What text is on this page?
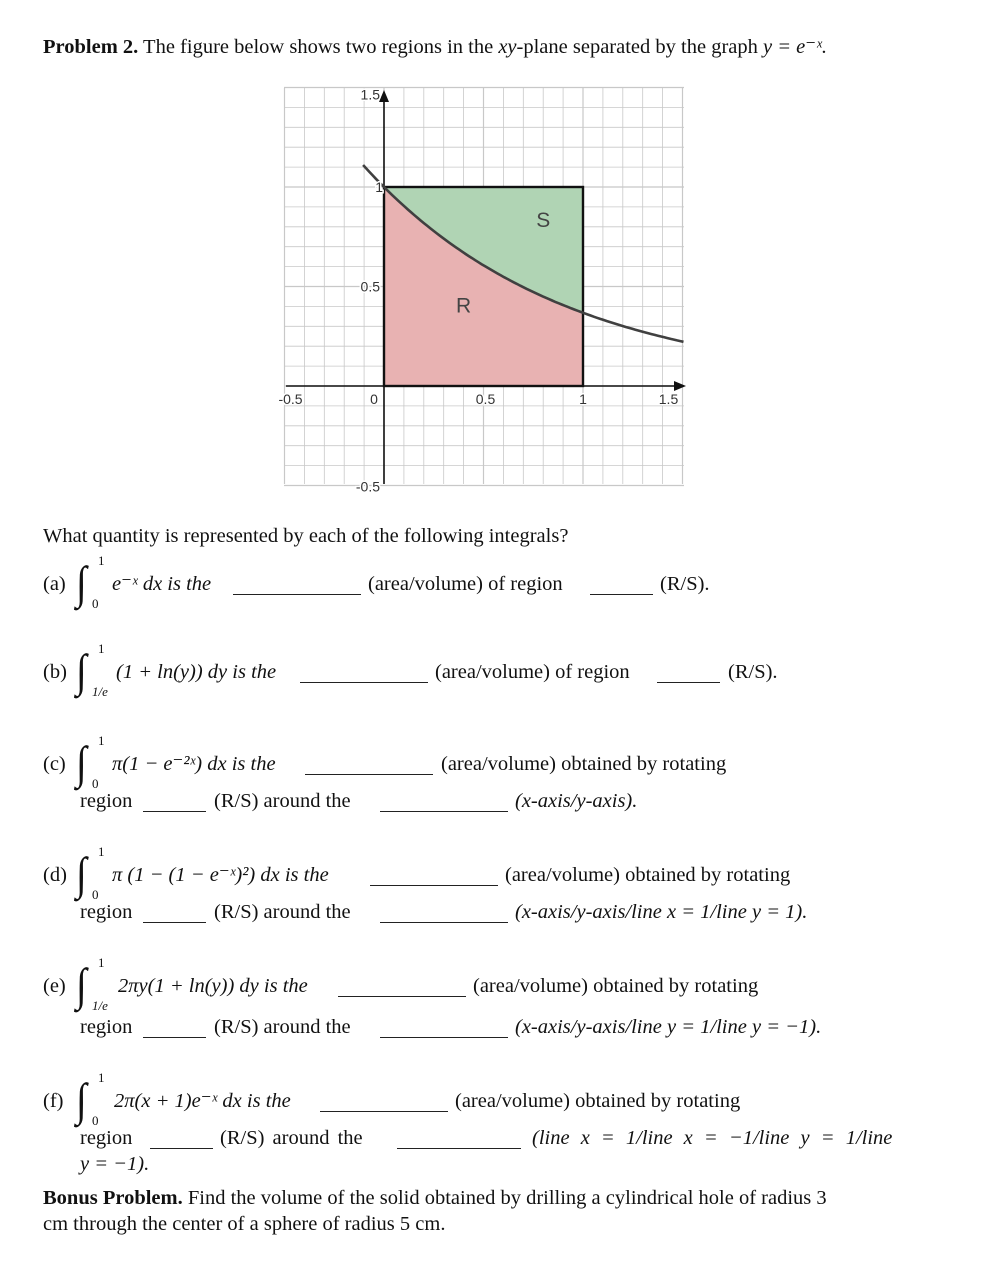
Problem 2. The figure below shows two regions in the xy-plane separated by the graph y = e⁻ˣ.
-0.5	0	0.5	1	1.5
1.5
1
0.5
-0.5
R
S
What quantity is represented by each of the following integrals?
(a) ∫ 1
0
e⁻ˣ dx is the	(area/volume) of region	(R/S).
(b) ∫ 1
1/e
(1 + ln(y)) dy is the	(area/volume) of region	(R/S).
(c) ∫ 1
0
π(1 − e⁻²ˣ) dx is the	(area/volume) obtained by rotating
region	(R/S) around the	(x-axis/y-axis).
(d) ∫ 1
0
π (1 − (1 − e⁻ˣ)²) dx is the	(area/volume) obtained by rotating
region	(R/S) around the	(x-axis/y-axis/line x = 1/line y = 1).
(e) ∫ 1
1/e
2πy(1 + ln(y)) dy is the	(area/volume) obtained by rotating
region	(R/S) around the	(x-axis/y-axis/line y = 1/line y = −1).
(f) ∫ 1
0
2π(x + 1)e⁻ˣ dx is the	(area/volume) obtained by rotating
region	(R/S) around the	(line x = 1/line x = −1/line y = 1/line
y = −1).
Bonus Problem. Find the volume of the solid obtained by drilling a cylindrical hole of radius 3
cm through the center of a sphere of radius 5 cm.
